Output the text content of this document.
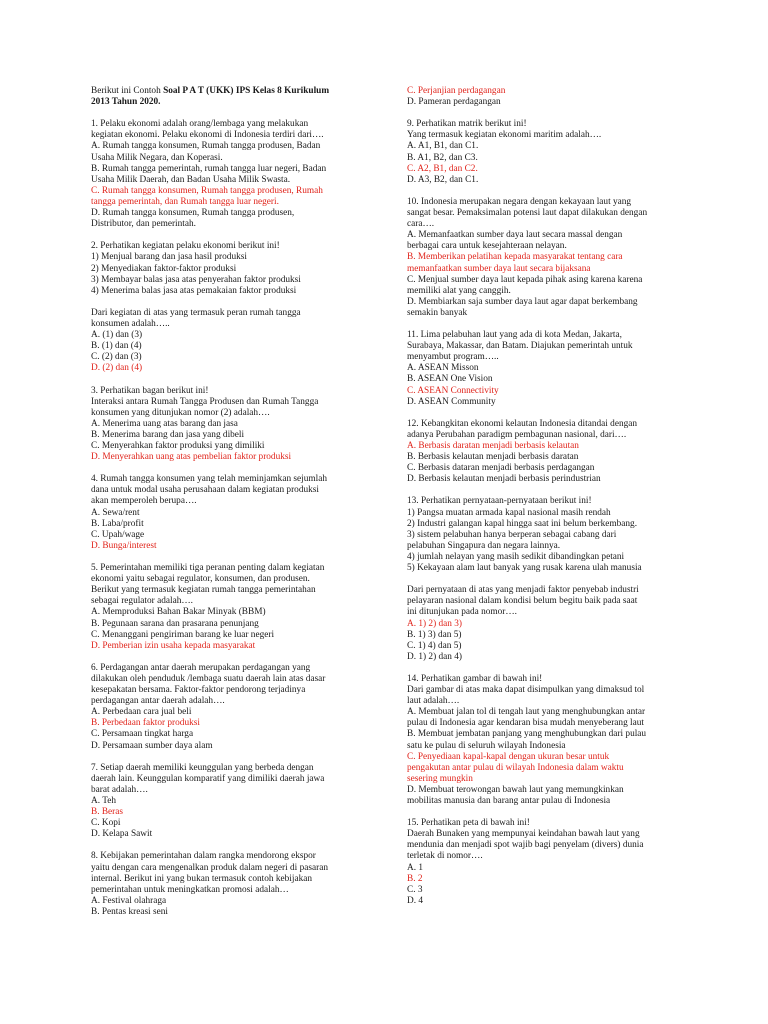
Berikut ini Contoh Soal P A T (UKK) IPS Kelas 8 Kurikulum
2013 Tahun 2020.
1. Pelaku ekonomi adalah orang/lembaga yang melakukan
kegiatan ekonomi. Pelaku ekonomi di Indonesia terdiri dari….
A. Rumah tangga konsumen, Rumah tangga produsen, Badan
Usaha Milik Negara, dan Koperasi.
B. Rumah tangga pemerintah, rumah tangga luar negeri, Badan
Usaha Milik Daerah, dan Badan Usaha Milik Swasta.
C. Rumah tangga konsumen, Rumah tangga produsen, Rumah
tangga pemerintah, dan Rumah tangga luar negeri.
D. Rumah tangga konsumen, Rumah tangga produsen,
Distributor, dan pemerintah.
2. Perhatikan kegiatan pelaku ekonomi berikut ini!
1) Menjual barang dan jasa hasil produksi
2) Menyediakan faktor-faktor produksi
3) Membayar balas jasa atas penyerahan faktor produksi
4) Menerima balas jasa atas pemakaian faktor produksi
Dari kegiatan di atas yang termasuk peran rumah tangga
konsumen adalah…..
A. (1) dan (3)
B. (1) dan (4)
C. (2) dan (3)
D. (2) dan (4)
3. Perhatikan bagan berikut ini!
Interaksi antara Rumah Tangga Produsen dan Rumah Tangga
konsumen yang ditunjukan nomor (2) adalah….
A. Menerima uang atas barang dan jasa
B. Menerima barang dan jasa yang dibeli
C. Menyerahkan faktor produksi yang dimiliki
D. Menyerahkan uang atas pembelian faktor produksi
4. Rumah tangga konsumen yang telah meminjamkan sejumlah
dana untuk modal usaha perusahaan dalam kegiatan produksi
akan memperoleh berupa….
A. Sewa/rent
B. Laba/profit
C. Upah/wage
D. Bunga/interest
5. Pemerintahan memiliki tiga peranan penting dalam kegiatan
ekonomi yaitu sebagai regulator, konsumen, dan produsen.
Berikut yang termasuk kegiatan rumah tangga pemerintahan
sebagai regulator adalah….
A. Memproduksi Bahan Bakar Minyak (BBM)
B. Pegunaan sarana dan prasarana penunjang
C. Menanggani pengiriman barang ke luar negeri
D. Pemberian izin usaha kepada masyarakat
6. Perdagangan antar daerah merupakan perdagangan yang
dilakukan oleh penduduk /lembaga suatu daerah lain atas dasar
kesepakatan bersama. Faktor-faktor pendorong terjadinya
perdagangan antar daerah adalah….
A. Perbedaan cara jual beli
B. Perbedaan faktor produksi
C. Persamaan tingkat harga
D. Persamaan sumber daya alam
7. Setiap daerah memiliki keunggulan yang berbeda dengan
daerah lain. Keunggulan komparatif yang dimiliki daerah jawa
barat adalah….
A. Teh
B. Beras
C. Kopi
D. Kelapa Sawit
8. Kebijakan pemerintahan dalam rangka mendorong ekspor
yaitu dengan cara mengenalkan produk dalam negeri di pasaran
internal. Berikut ini yang bukan termasuk contoh kebijakan
pemerintahan untuk meningkatkan promosi adalah…
A. Festival olahraga
B. Pentas kreasi seni
C. Perjanjian perdagangan
D. Pameran perdagangan
9. Perhatikan matrik berikut ini!
Yang termasuk kegiatan ekonomi maritim adalah….
A. A1, B1, dan C1.
B. A1, B2, dan C3.
C. A2, B1, dan C2.
D. A3, B2, dan C1.
10. Indonesia merupakan negara dengan kekayaan laut yang
sangat besar. Pemaksimalan potensi laut dapat dilakukan dengan
cara….
A. Memanfaatkan sumber daya laut secara massal dengan
berbagai cara untuk kesejahteraan nelayan.
B. Memberikan pelatihan kepada masyarakat tentang cara
memanfaatkan sumber daya laut secara bijaksana
C. Menjual sumber daya laut kepada pihak asing karena karena
memiliki alat yang canggih.
D. Membiarkan saja sumber daya laut agar dapat berkembang
semakin banyak
11. Lima pelabuhan laut yang ada di kota Medan, Jakarta,
Surabaya, Makassar, dan Batam. Diajukan pemerintah untuk
menyambut program…..
A. ASEAN Misson
B. ASEAN One Vision
C. ASEAN Connectivity
D. ASEAN Community
12. Kebangkitan ekonomi kelautan Indonesia ditandai dengan
adanya Perubahan paradigm pembagunan nasional, dari….
A. Berbasis daratan menjadi berbasis kelautan
B. Berbasis kelautan menjadi berbasis daratan
C. Berbasis dataran menjadi berbasis perdagangan
D. Berbasis kelautan menjadi berbasis perindustrian
13. Perhatikan pernyataan-pernyataan berikut ini!
1) Pangsa muatan armada kapal nasional masih rendah
2) Industri galangan kapal hingga saat ini belum berkembang.
3) sistem pelabuhan hanya berperan sebagai cabang dari
pelabuhan Singapura dan negara lainnya.
4) jumlah nelayan yang masih sedikit dibandingkan petani
5) Kekayaan alam laut banyak yang rusak karena ulah manusia
Dari pernyataan di atas yang menjadi faktor penyebab industri
pelayaran nasional dalam kondisi belum begitu baik pada saat
ini ditunjukan pada nomor….
A. 1) 2) dan 3)
B. 1) 3) dan 5)
C. 1) 4) dan 5)
D. 1) 2) dan 4)
14. Perhatikan gambar di bawah ini!
Dari gambar di atas maka dapat disimpulkan yang dimaksud tol
laut adalah….
A. Membuat jalan tol di tengah laut yang menghubungkan antar
pulau di Indonesia agar kendaran bisa mudah menyeberang laut
B. Membuat jembatan panjang yang menghubungkan dari pulau
satu ke pulau di seluruh wilayah Indonesia
C. Penyediaan kapal-kapal dengan ukuran besar untuk
pengakutan antar pulau di wilayah Indonesia dalam waktu
sesering mungkin
D. Membuat terowongan bawah laut yang memungkinkan
mobilitas manusia dan barang antar pulau di Indonesia
15. Perhatikan peta di bawah ini!
Daerah Bunaken yang mempunyai keindahan bawah laut yang
mendunia dan menjadi spot wajib bagi penyelam (divers) dunia
terletak di nomor….
A. 1
B. 2
C. 3
D. 4
